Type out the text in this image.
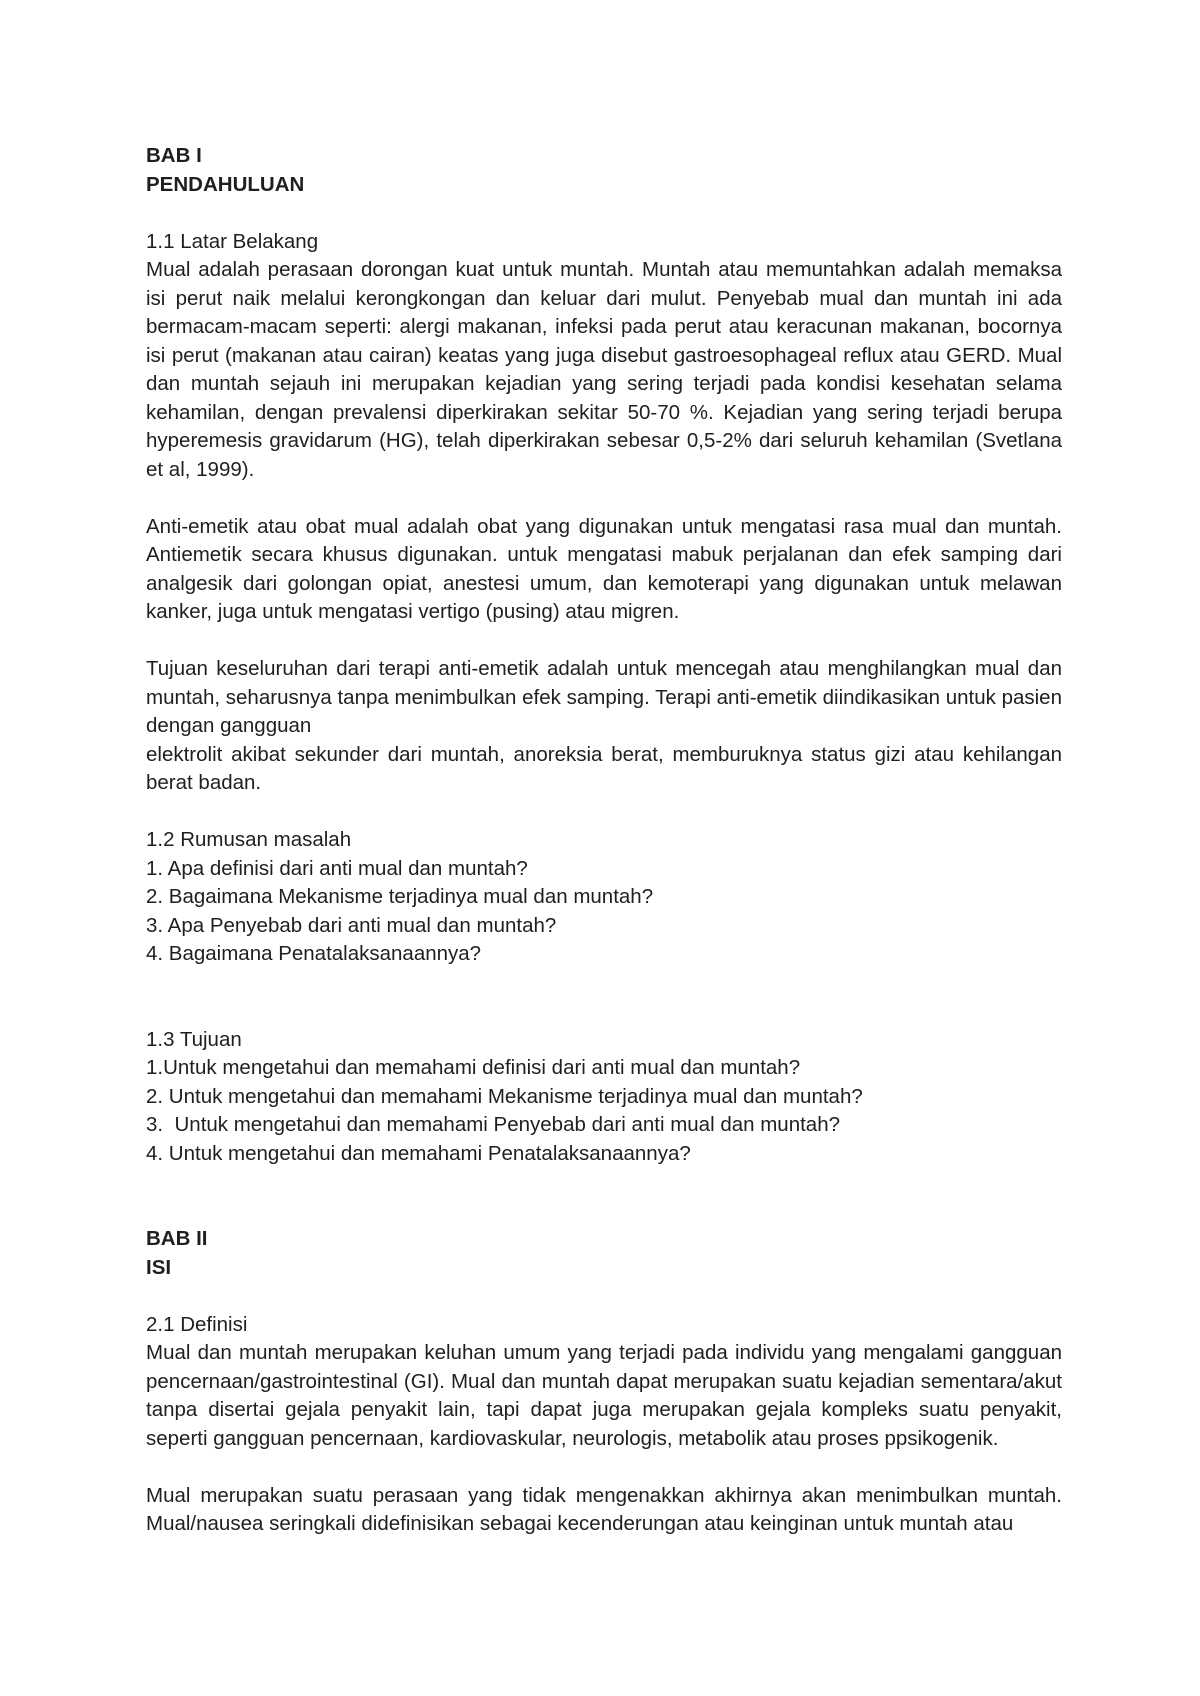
BAB I
PENDAHULUAN
1.1 Latar Belakang

Mual adalah perasaan dorongan kuat untuk muntah. Muntah atau memuntahkan adalah memaksa isi perut naik melalui kerongkongan dan keluar dari mulut. Penyebab mual dan muntah ini ada bermacam-macam seperti: alergi makanan, infeksi pada perut atau keracunan makanan, bocornya isi perut (makanan atau cairan) keatas yang juga disebut gastroesophageal reflux atau GERD. Mual dan muntah sejauh ini merupakan kejadian yang sering terjadi pada kondisi kesehatan selama kehamilan, dengan prevalensi diperkirakan sekitar 50-70 %. Kejadian yang sering terjadi berupa hyperemesis gravidarum (HG), telah diperkirakan sebesar 0,5-2% dari seluruh kehamilan (Svetlana et al, 1999).

Anti-emetik atau obat mual adalah obat yang digunakan untuk mengatasi rasa mual dan muntah. Antiemetik secara khusus digunakan. untuk mengatasi mabuk perjalanan dan efek samping dari analgesik dari golongan opiat, anestesi umum, dan kemoterapi yang digunakan untuk melawan kanker, juga untuk mengatasi vertigo (pusing) atau migren.

Tujuan keseluruhan dari terapi anti-emetik adalah untuk mencegah atau menghilangkan mual dan muntah, seharusnya tanpa menimbulkan efek samping. Terapi anti-emetik diindikasikan untuk pasien dengan gangguan

elektrolit akibat sekunder dari muntah, anoreksia berat, memburuknya status gizi atau kehilangan berat badan.

1.2 Rumusan masalah
1. Apa definisi dari anti mual dan muntah?
2. Bagaimana Mekanisme terjadinya mual dan muntah?
3. Apa Penyebab dari anti mual dan muntah?
4. Bagaimana Penatalaksanaannya?
1.3 Tujuan
1.Untuk mengetahui dan memahami definisi dari anti mual dan muntah?
2. Untuk mengetahui dan memahami Mekanisme terjadinya mual dan muntah?
3.  Untuk mengetahui dan memahami Penyebab dari anti mual dan muntah?
4. Untuk mengetahui dan memahami Penatalaksanaannya?
BAB II
ISI
2.1 Definisi

Mual dan muntah merupakan keluhan umum yang terjadi pada individu yang mengalami gangguan pencernaan/gastrointestinal (GI). Mual dan muntah dapat merupakan suatu kejadian sementara/akut tanpa disertai gejala penyakit lain, tapi dapat juga merupakan gejala kompleks suatu penyakit, seperti gangguan pencernaan, kardiovaskular, neurologis, metabolik atau proses ppsikogenik.

Mual merupakan suatu perasaan yang tidak mengenakkan akhirnya akan menimbulkan muntah. Mual/nausea seringkali didefinisikan sebagai kecenderungan atau keinginan untuk muntah atau
